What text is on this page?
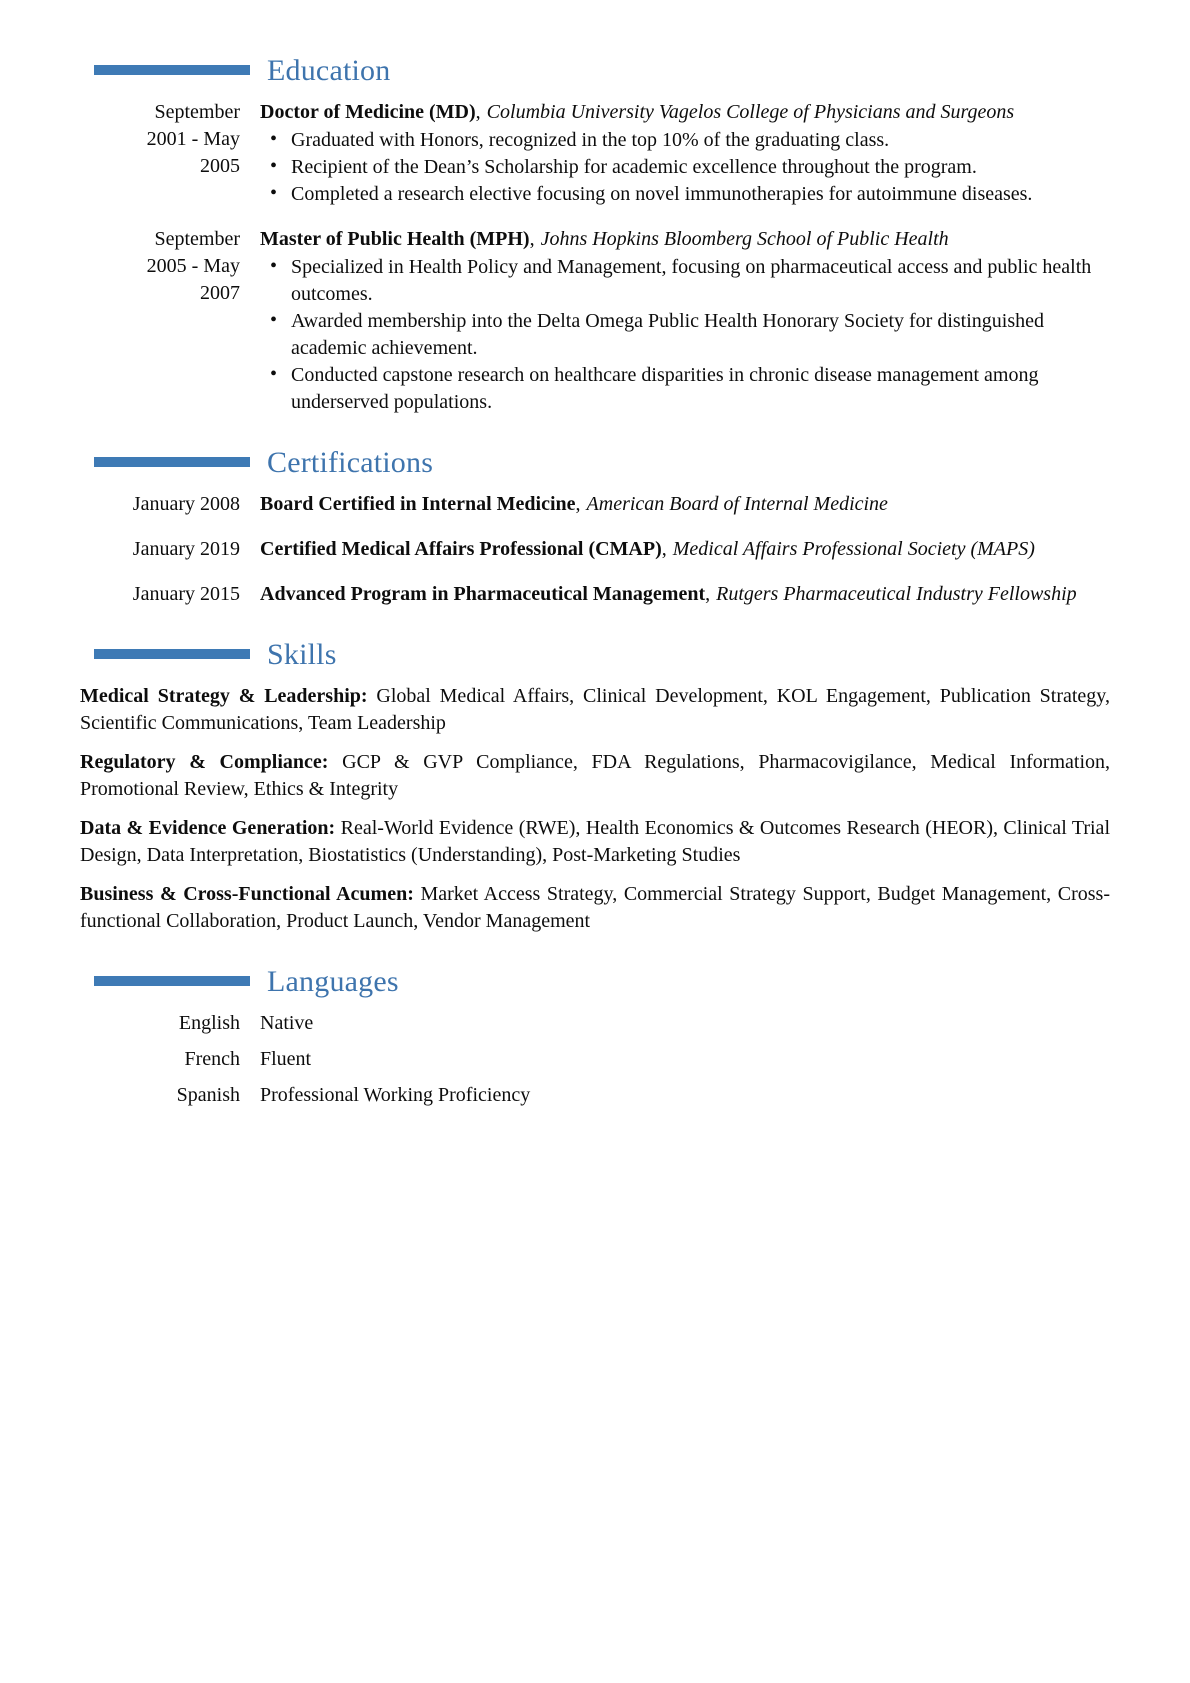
Education
September 2001 - May 2005
Doctor of Medicine (MD), Columbia University Vagelos College of Physicians and Surgeons
• Graduated with Honors, recognized in the top 10% of the graduating class.
• Recipient of the Dean’s Scholarship for academic excellence throughout the program.
• Completed a research elective focusing on novel immunotherapies for autoimmune diseases.
September 2005 - May 2007
Master of Public Health (MPH), Johns Hopkins Bloomberg School of Public Health
• Specialized in Health Policy and Management, focusing on pharmaceutical access and public health outcomes.
• Awarded membership into the Delta Omega Public Health Honorary Society for distinguished academic achievement.
• Conducted capstone research on healthcare disparities in chronic disease management among underserved populations.
Certifications
January 2008 Board Certified in Internal Medicine, American Board of Internal Medicine
January 2019 Certified Medical Affairs Professional (CMAP), Medical Affairs Professional Society (MAPS)
January 2015 Advanced Program in Pharmaceutical Management, Rutgers Pharmaceutical Industry Fellowship
Skills

Medical Strategy & Leadership: Global Medical Affairs, Clinical Development, KOL Engagement, Publication Strategy, Scientific Communications, Team Leadership

Regulatory & Compliance: GCP & GVP Compliance, FDA Regulations, Pharmacovigilance, Medical Information, Promotional Review, Ethics & Integrity

Data & Evidence Generation: Real-World Evidence (RWE), Health Economics & Outcomes Research (HEOR), Clinical Trial Design, Data Interpretation, Biostatistics (Understanding), Post-Marketing Studies

Business & Cross-Functional Acumen: Market Access Strategy, Commercial Strategy Support, Budget Management, Cross-functional Collaboration, Product Launch, Vendor Management

Languages
English Native
French Fluent
Spanish Professional Working Proficiency
